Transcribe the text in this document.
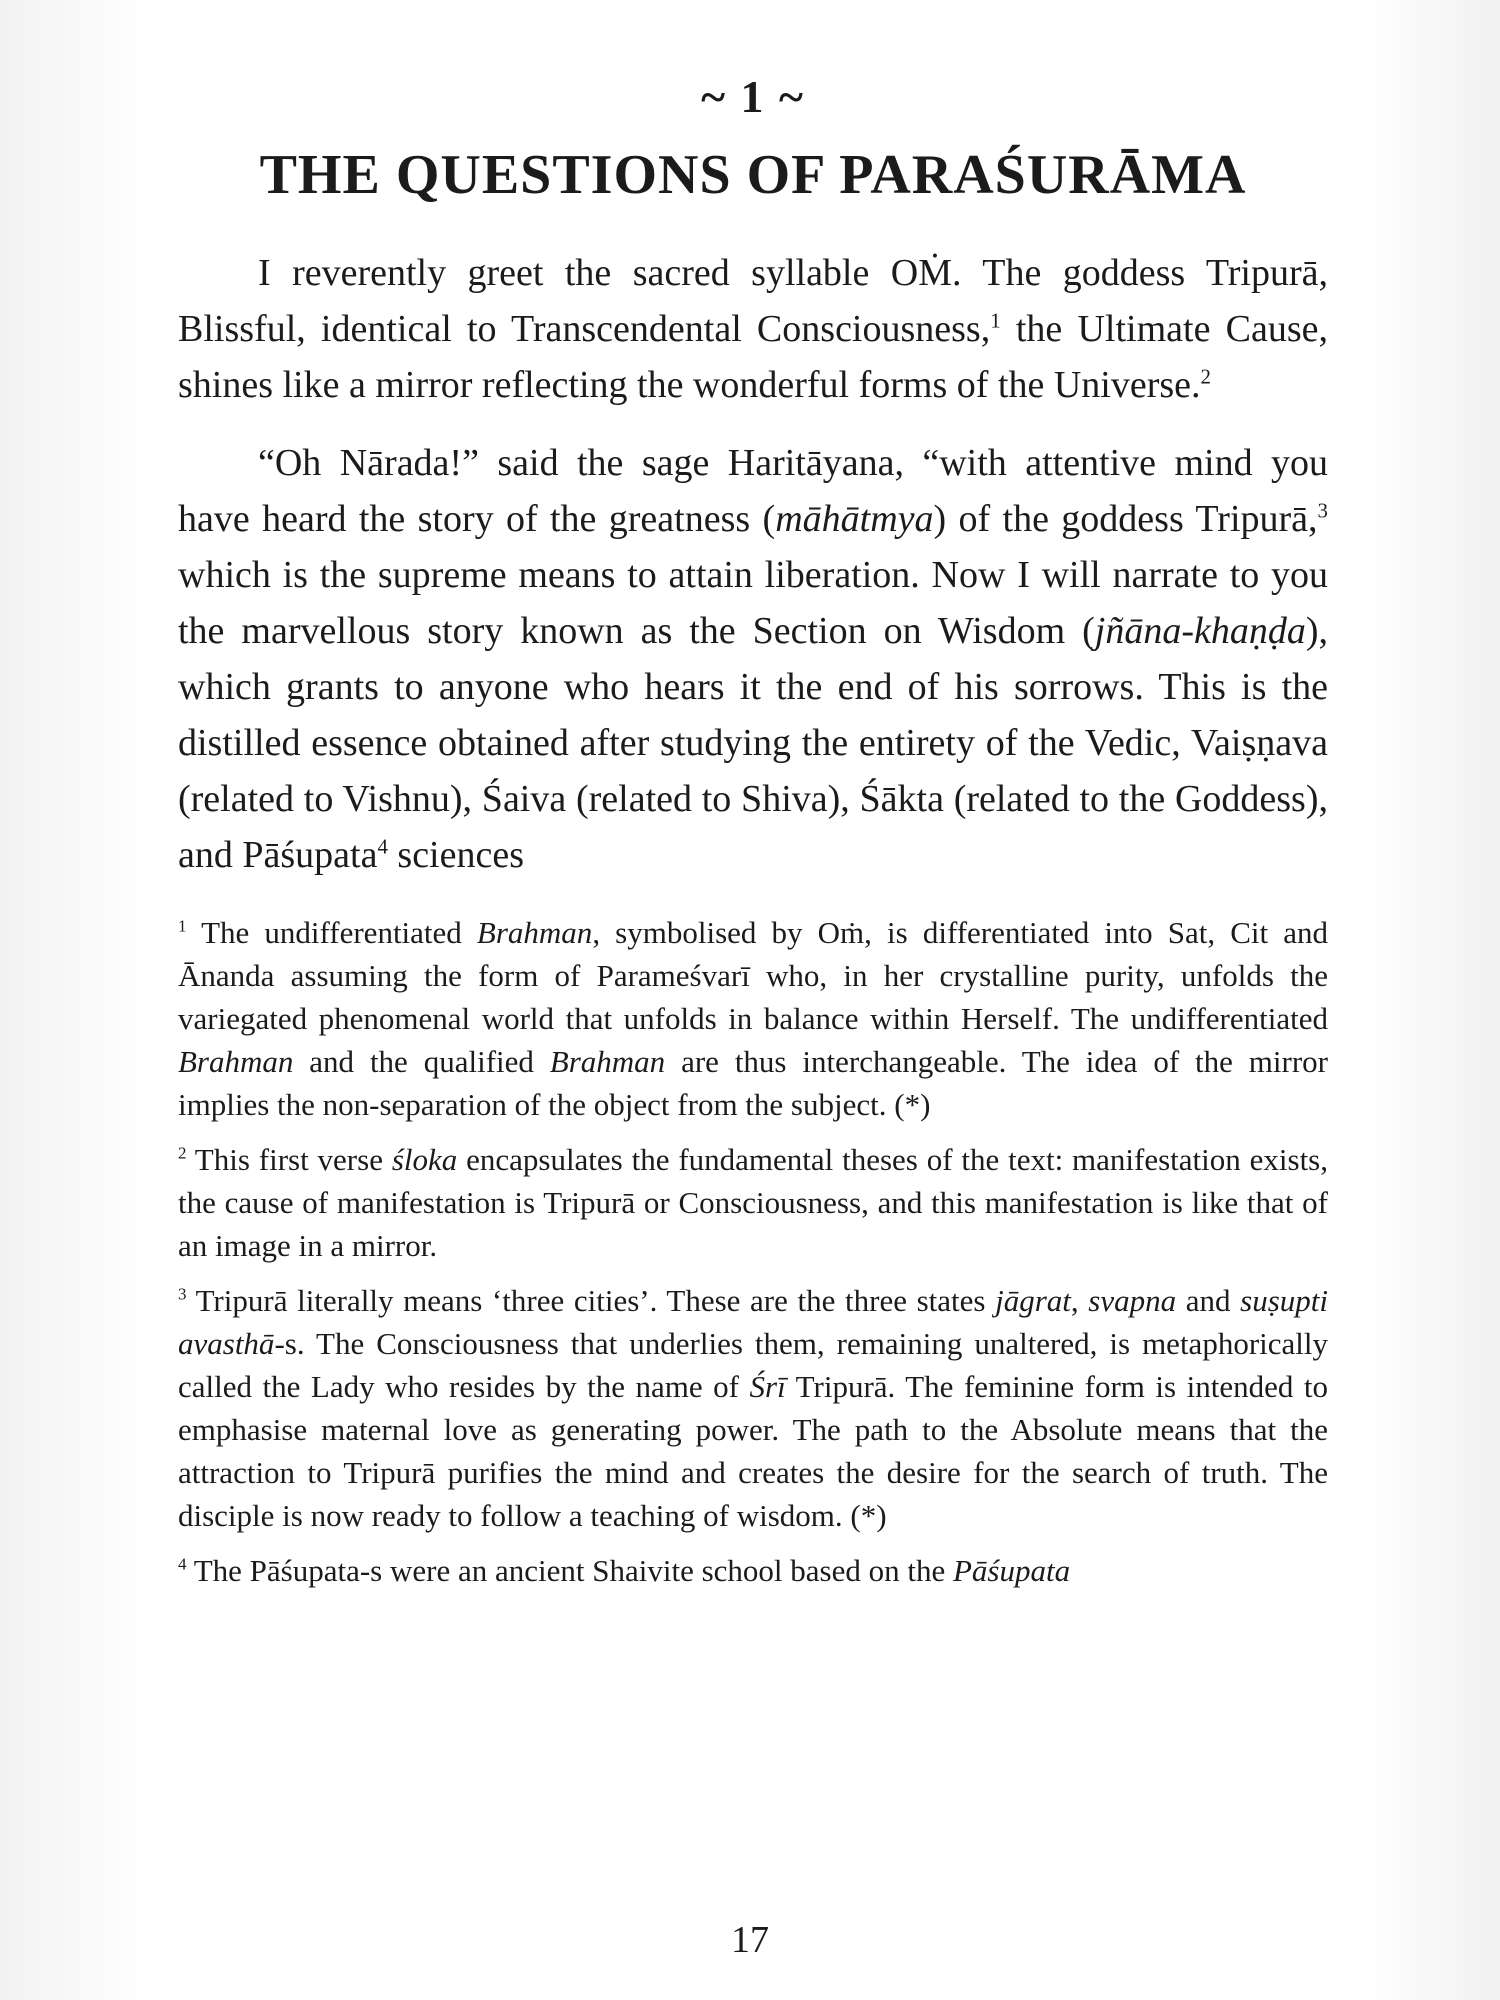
~ 1 ~
THE QUESTIONS OF PARAŚURĀMA

I reverently greet the sacred syllable OṀ. The goddess Tripurā, Blissful, identical to Transcendental Consciousness,$^1$ the Ultimate Cause, shines like a mirror reflecting the wonderful forms of the Universe.$^2$

“Oh Nārada!” said the sage Haritāyana, “with attentive mind you have heard the story of the greatness (māhātmya) of the goddess Tripurā,$^3$ which is the supreme means to attain liberation. Now I will narrate to you the marvellous story known as the Section on Wisdom (jñāna-khaṇḍa), which grants to anyone who hears it the end of his sorrows. This is the distilled essence obtained after studying the entirety of the Vedic, Vaiṣṇava (related to Vishnu), Śaiva (related to Shiva), Śākta (related to the Goddess), and Pāśupata$^4$ sciences

$^1$ The undifferentiated Brahman, symbolised by Oṁ, is differentiated into Sat, Cit and Ānanda assuming the form of Parameśvarī who, in her crystalline purity, unfolds the variegated phenomenal world that unfolds in balance within Herself. The undifferentiated Brahman and the qualified Brahman are thus interchangeable. The idea of the mirror implies the non-separation of the object from the subject. (*)

$^2$ This first verse śloka encapsulates the fundamental theses of the text: manifestation exists, the cause of manifestation is Tripurā or Consciousness, and this manifestation is like that of an image in a mirror.

$^3$ Tripurā literally means ‘three cities’. These are the three states jāgrat, svapna and suṣupti avasthā-s. The Consciousness that underlies them, remaining unaltered, is metaphorically called the Lady who resides by the name of Śrī Tripurā. The feminine form is intended to emphasise maternal love as generating power. The path to the Absolute means that the attraction to Tripurā purifies the mind and creates the desire for the search of truth. The disciple is now ready to follow a teaching of wisdom. (*)

$^4$ The Pāśupata-s were an ancient Shaivite school based on the Pāśupata

17
